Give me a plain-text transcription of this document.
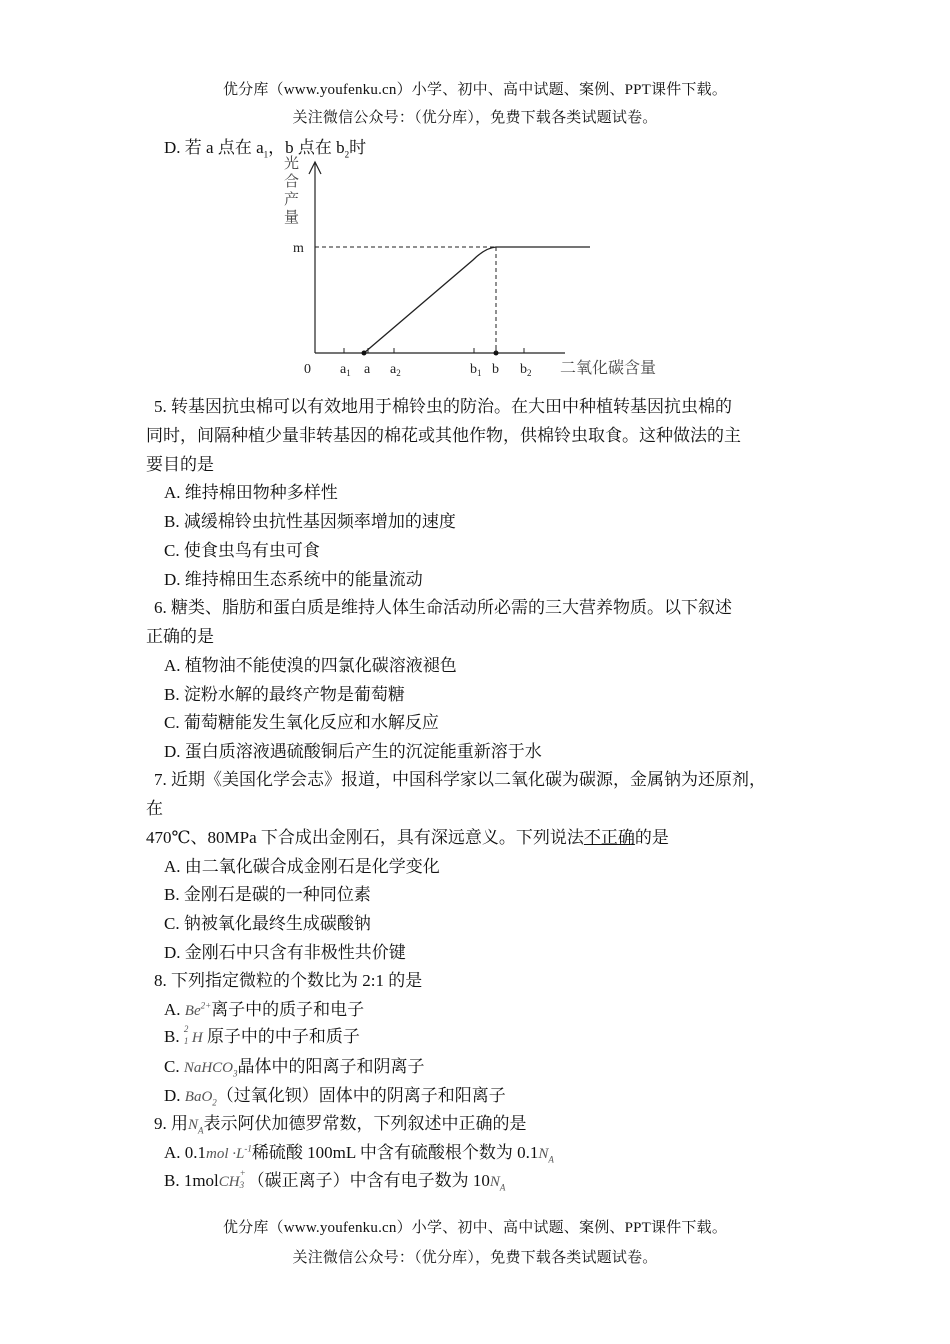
优分库（www.youfenku.cn）小学、初中、高中试题、案例、PPT课件下载。
关注微信公众号：（优分库），免费下载各类试题试卷。
D. 若 a 点在 $a_1$，b 点在 $b_2$时
光
合
产
量
m
0 $a_1$ a $a_2$	$b_1$ b $b_2$ 二氧化碳含量
5. 转基因抗虫棉可以有效地用于棉铃虫的防治。在大田中种植转基因抗虫棉的
同时，间隔种植少量非转基因的棉花或其他作物，供棉铃虫取食。这种做法的主
要目的是
A. 维持棉田物种多样性
B. 减缓棉铃虫抗性基因频率增加的速度
C. 使食虫鸟有虫可食
D. 维持棉田生态系统中的能量流动
6. 糖类、脂肪和蛋白质是维持人体生命活动所必需的三大营养物质。以下叙述
正确的是
A. 植物油不能使溴的四氯化碳溶液褪色
B. 淀粉水解的最终产物是葡萄糖
C. 葡萄糖能发生氧化反应和水解反应
D. 蛋白质溶液遇硫酸铜后产生的沉淀能重新溶于水
7. 近期《美国化学会志》报道，中国科学家以二氧化碳为碳源，金属钠为还原剂，
在
470℃、80MPa 下合成出金刚石，具有深远意义。下列说法不正确的是
A. 由二氧化碳合成金刚石是化学变化
B. 金刚石是碳的一种同位素
C. 钠被氧化最终生成碳酸钠
D. 金刚石中只含有非极性共价键
8. 下列指定微粒的个数比为 2:1 的是
A. $Be^{2+}$离子中的质子和电子
B. 2
1 H 原子中的中子和质子
C. NaHCO$_3$晶体中的阳离子和阴离子
D. BaO$_2$（过氧化钡）固体中的阴离子和阳离子
9. 用$N_A$表示阿伏加德罗常数，下列叙述中正确的是
A. $0.1mol \cdot L^{-1}$稀硫酸 100mL 中含有硫酸根个数为 $0.1N_A$
B. 1molCH
+
3 （碳正离子）中含有电子数为 $10N_A$
优分库（www.youfenku.cn）小学、初中、高中试题、案例、PPT课件下载。
关注微信公众号：（优分库），免费下载各类试题试卷。
